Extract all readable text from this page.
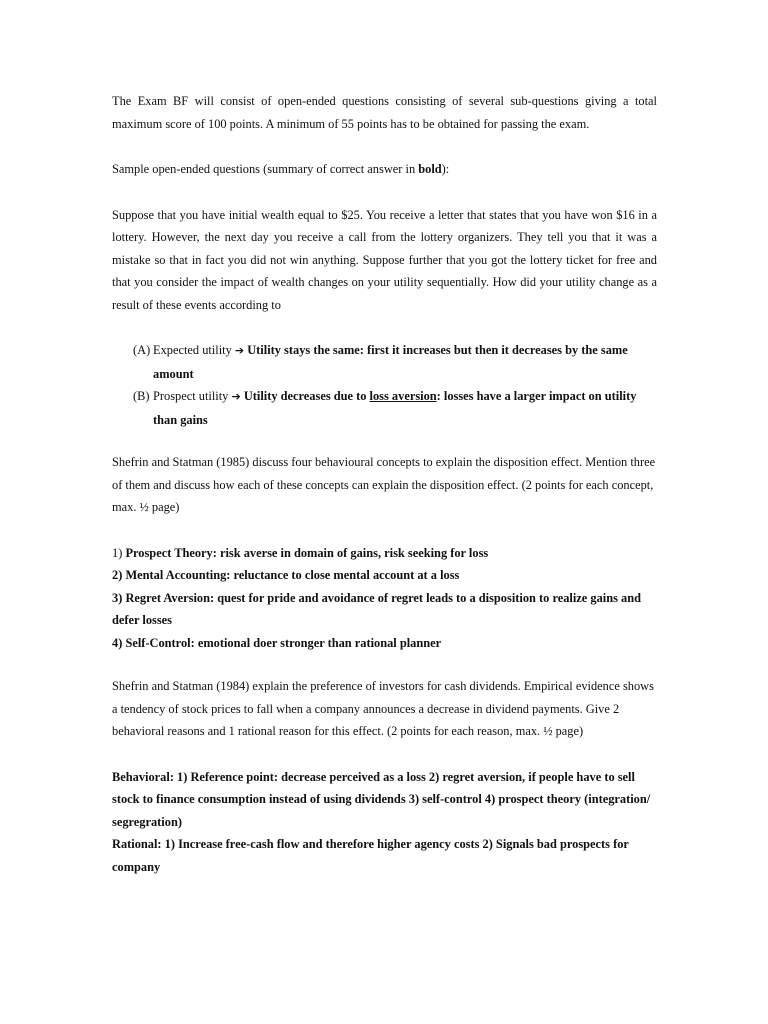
The Exam BF will consist of open-ended questions consisting of several sub-questions giving a total maximum score of 100 points. A minimum of 55 points has to be obtained for passing the exam.

Sample open-ended questions (summary of correct answer in bold):

Suppose that you have initial wealth equal to $25. You receive a letter that states that you have won $16 in a lottery. However, the next day you receive a call from the lottery organizers. They tell you that it was a mistake so that in fact you did not win anything. Suppose further that you got the lottery ticket for free and that you consider the impact of wealth changes on your utility sequentially. How did your utility change as a result of these events according to

(A) Expected utility ➔ Utility stays the same: first it increases but then it decreases by the same amount
(B) Prospect utility ➔ Utility decreases due to loss aversion: losses have a larger impact on utility than gains

Shefrin and Statman (1985) discuss four behavioural concepts to explain the disposition effect. Mention three of them and discuss how each of these concepts can explain the disposition effect. (2 points for each concept, max. ½ page)

1) Prospect Theory: risk averse in domain of gains, risk seeking for loss
2) Mental Accounting: reluctance to close mental account at a loss
3) Regret Aversion: quest for pride and avoidance of regret leads to a disposition to realize gains and defer losses
4) Self-Control: emotional doer stronger than rational planner

Shefrin and Statman (1984) explain the preference of investors for cash dividends. Empirical evidence shows a tendency of stock prices to fall when a company announces a decrease in dividend payments. Give 2 behavioral reasons and 1 rational reason for this effect. (2 points for each reason, max. ½ page)

Behavioral: 1) Reference point: decrease perceived as a loss 2) regret aversion, if people have to sell stock to finance consumption instead of using dividends 3) self-control 4) prospect theory (integration/ segregration)

Rational: 1) Increase free-cash flow and therefore higher agency costs 2) Signals bad prospects for company
